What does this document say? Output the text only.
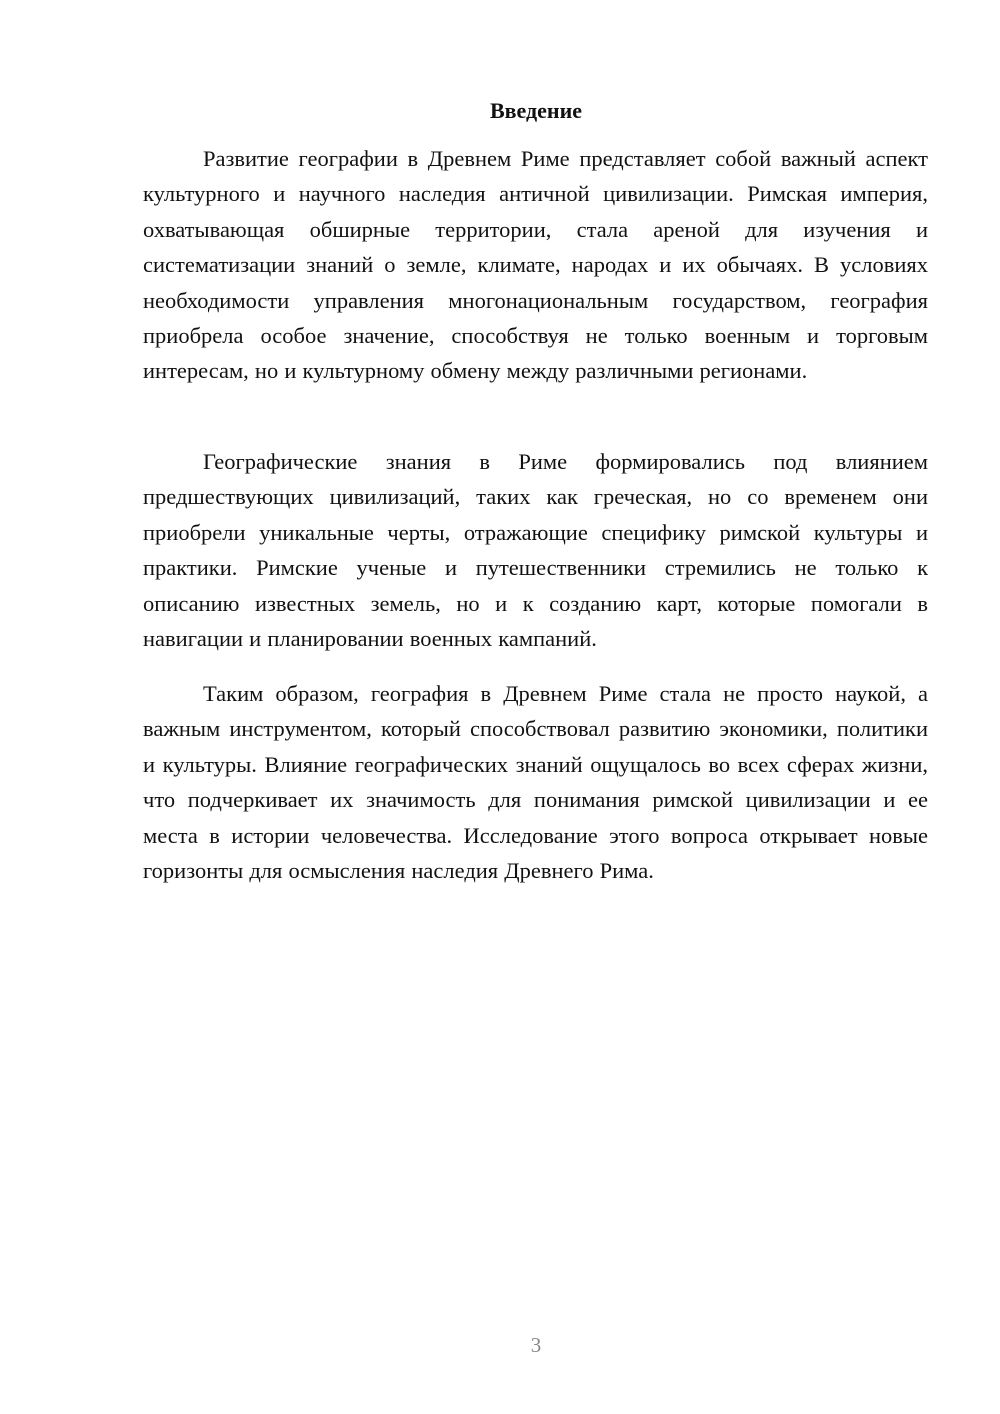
Введение

Развитие географии в Древнем Риме представляет собой важный аспект культурного и научного наследия античной цивилизации. Римская империя, охватывающая обширные территории, стала ареной для изучения и систематизации знаний о земле, климате, народах и их обычаях. В условиях необходимости управления многонациональным государством, география приобрела особое значение, способствуя не только военным и торговым интересам, но и культурному обмену между различными регионами.

Географические знания в Риме формировались под влиянием предшествующих цивилизаций, таких как греческая, но со временем они приобрели уникальные черты, отражающие специфику римской культуры и практики. Римские ученые и путешественники стремились не только к описанию известных земель, но и к созданию карт, которые помогали в навигации и планировании военных кампаний.

Таким образом, география в Древнем Риме стала не просто наукой, а важным инструментом, который способствовал развитию экономики, политики и культуры. Влияние географических знаний ощущалось во всех сферах жизни, что подчеркивает их значимость для понимания римской цивилизации и ее места в истории человечества. Исследование этого вопроса открывает новые горизонты для осмысления наследия Древнего Рима.

3
